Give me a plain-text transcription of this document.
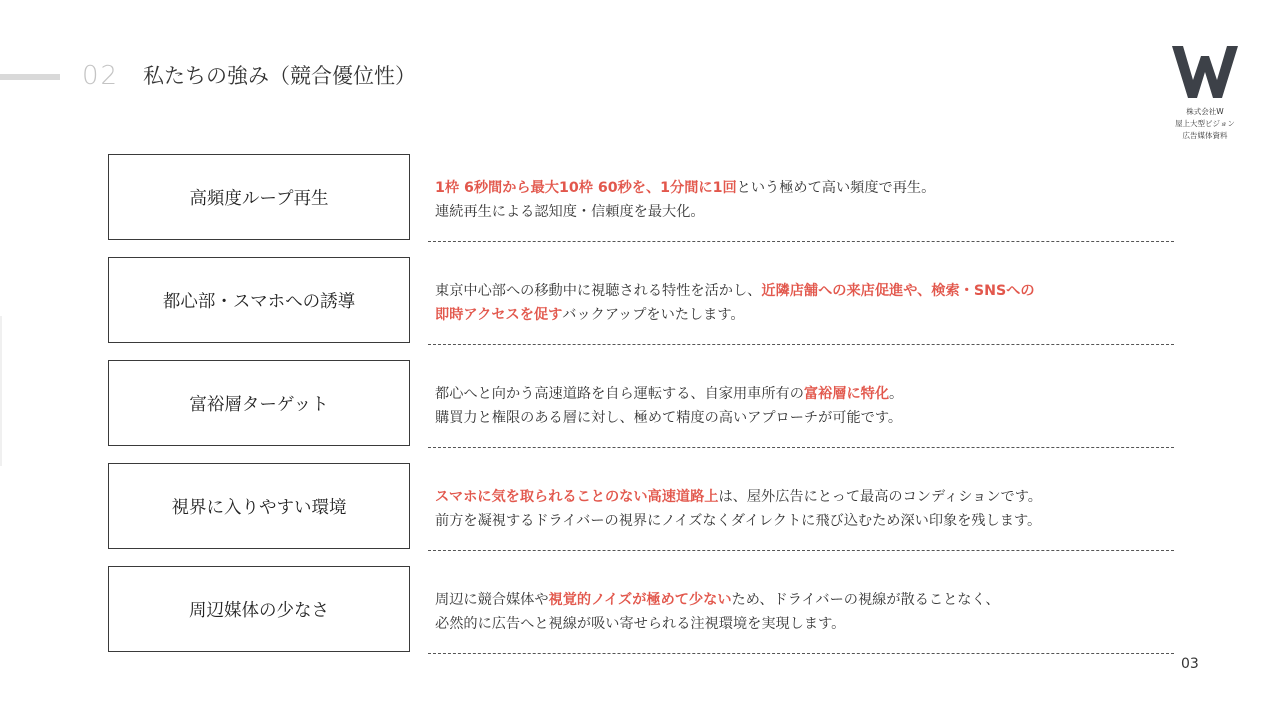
02 私たちの強み（競合優位性）
株式会社W
屋上大型ビジョン
広告媒体資料
高頻度ループ再生
1枠 6秒間から最大10枠 60秒を、1分間に1回という極めて高い頻度で再生。
連続再生による認知度・信頼度を最大化。
都心部・スマホへの誘導
東京中心部への移動中に視聴される特性を活かし、近隣店舗への来店促進や、検索・SNSへの
即時アクセスを促すバックアップをいたします。
富裕層ターゲット
都心へと向かう高速道路を自ら運転する、自家用車所有の富裕層に特化。
購買力と権限のある層に対し、極めて精度の高いアプローチが可能です。
視界に入りやすい環境
スマホに気を取られることのない高速道路上は、屋外広告にとって最高のコンディションです。
前方を凝視するドライバーの視界にノイズなくダイレクトに飛び込むため深い印象を残します。
周辺媒体の少なさ
周辺に競合媒体や視覚的ノイズが極めて少ないため、ドライバーの視線が散ることなく、
必然的に広告へと視線が吸い寄せられる注視環境を実現します。
03
